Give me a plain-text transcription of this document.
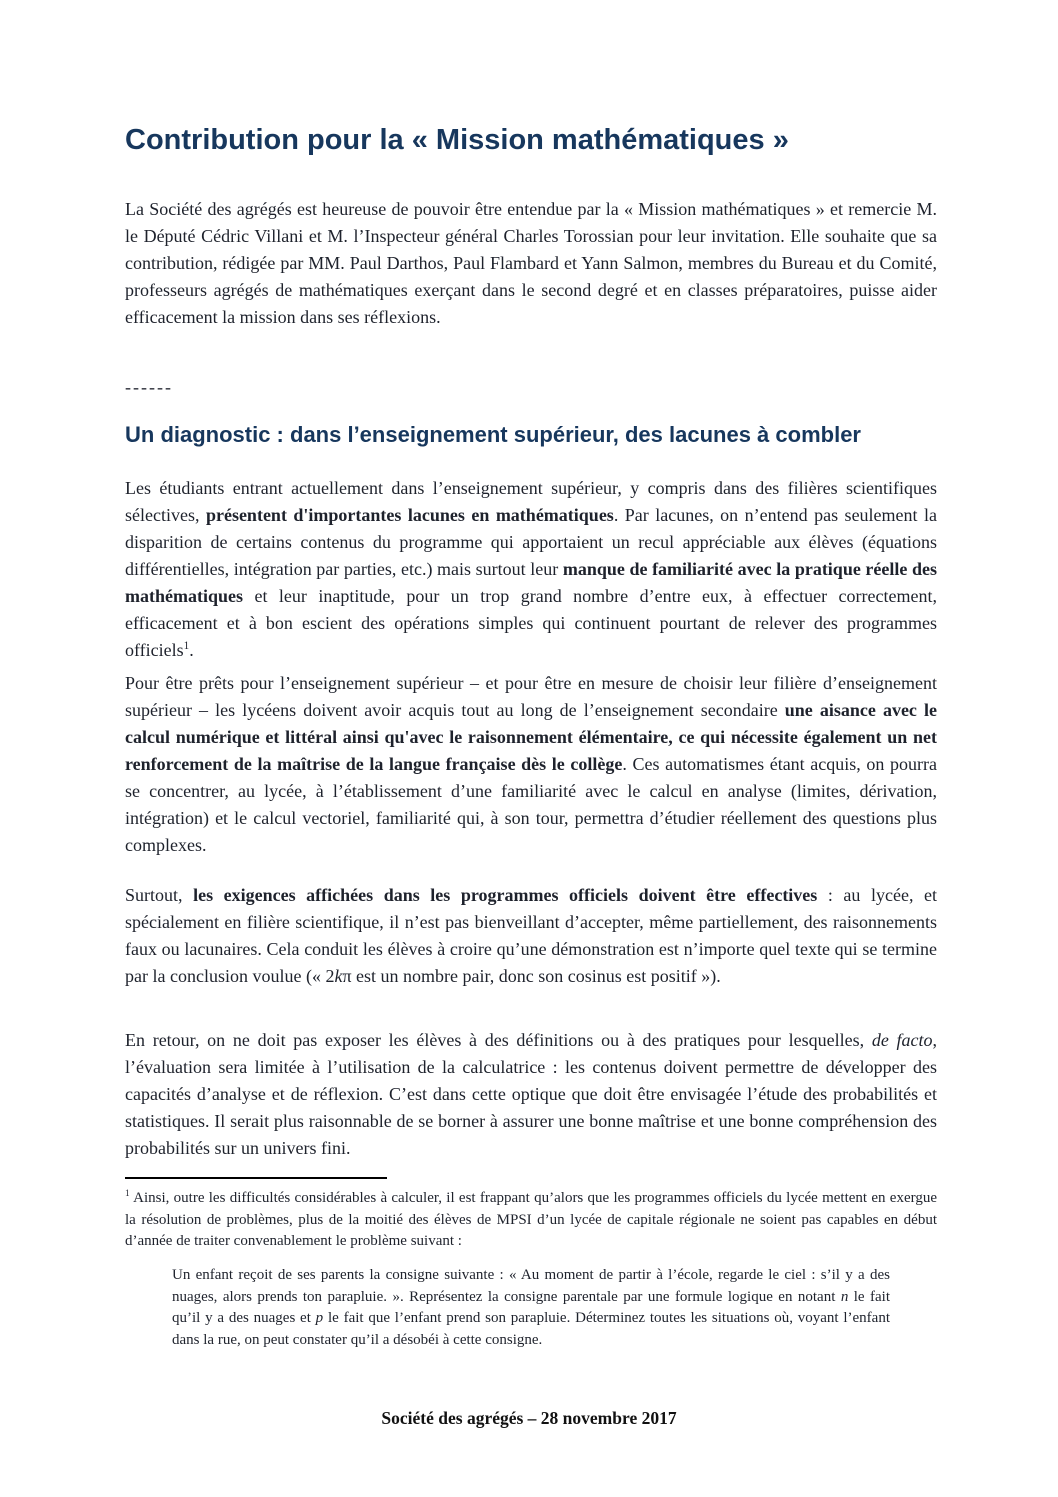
Contribution pour la « Mission mathématiques »

La Société des agrégés est heureuse de pouvoir être entendue par la « Mission mathématiques » et remercie M. le Député Cédric Villani et M. l’Inspecteur général Charles Torossian pour leur invitation. Elle souhaite que sa contribution, rédigée par MM. Paul Darthos, Paul Flambard et Yann Salmon, membres du Bureau et du Comité, professeurs agrégés de mathématiques exerçant dans le second degré et en classes préparatoires, puisse aider efficacement la mission dans ses réflexions.

------
Un diagnostic : dans l’enseignement supérieur, des lacunes à combler

Les étudiants entrant actuellement dans l’enseignement supérieur, y compris dans des filières scientifiques sélectives, présentent d'importantes lacunes en mathématiques. Par lacunes, on n’entend pas seulement la disparition de certains contenus du programme qui apportaient un recul appréciable aux élèves (équations différentielles, intégration par parties, etc.) mais surtout leur manque de familiarité avec la pratique réelle des mathématiques et leur inaptitude, pour un trop grand nombre d’entre eux, à effectuer correctement, efficacement et à bon escient des opérations simples qui continuent pourtant de relever des programmes officiels$^1$.

Pour être prêts pour l’enseignement supérieur – et pour être en mesure de choisir leur filière d’enseignement supérieur – les lycéens doivent avoir acquis tout au long de l’enseignement secondaire une aisance avec le calcul numérique et littéral ainsi qu'avec le raisonnement élémentaire, ce qui nécessite également un net renforcement de la maîtrise de la langue française dès le collège. Ces automatismes étant acquis, on pourra se concentrer, au lycée, à l’établissement d’une familiarité avec le calcul en analyse (limites, dérivation, intégration) et le calcul vectoriel, familiarité qui, à son tour, permettra d’étudier réellement des questions plus complexes.

Surtout, les exigences affichées dans les programmes officiels doivent être effectives : au lycée, et spécialement en filière scientifique, il n’est pas bienveillant d’accepter, même partiellement, des raisonnements faux ou lacunaires. Cela conduit les élèves à croire qu’une démonstration est n’importe quel texte qui se termine par la conclusion voulue (« 2kπ est un nombre pair, donc son cosinus est positif »).

En retour, on ne doit pas exposer les élèves à des définitions ou à des pratiques pour lesquelles, de facto, l’évaluation sera limitée à l’utilisation de la calculatrice : les contenus doivent permettre de développer des capacités d’analyse et de réflexion. C’est dans cette optique que doit être envisagée l’étude des probabilités et statistiques. Il serait plus raisonnable de se borner à assurer une bonne maîtrise et une bonne compréhension des probabilités sur un univers fini.

$^1$ Ainsi, outre les difficultés considérables à calculer, il est frappant qu’alors que les programmes officiels du lycée mettent en exergue la résolution de problèmes, plus de la moitié des élèves de MPSI d’un lycée de capitale régionale ne soient pas capables en début d’année de traiter convenablement le problème suivant :

Un enfant reçoit de ses parents la consigne suivante : « Au moment de partir à l’école, regarde le ciel : s’il y a des nuages, alors prends ton parapluie. ». Représentez la consigne parentale par une formule logique en notant n le fait qu’il y a des nuages et p le fait que l’enfant prend son parapluie. Déterminez toutes les situations où, voyant l’enfant dans la rue, on peut constater qu’il a désobéi à cette consigne.

Société des agrégés – 28 novembre 2017
